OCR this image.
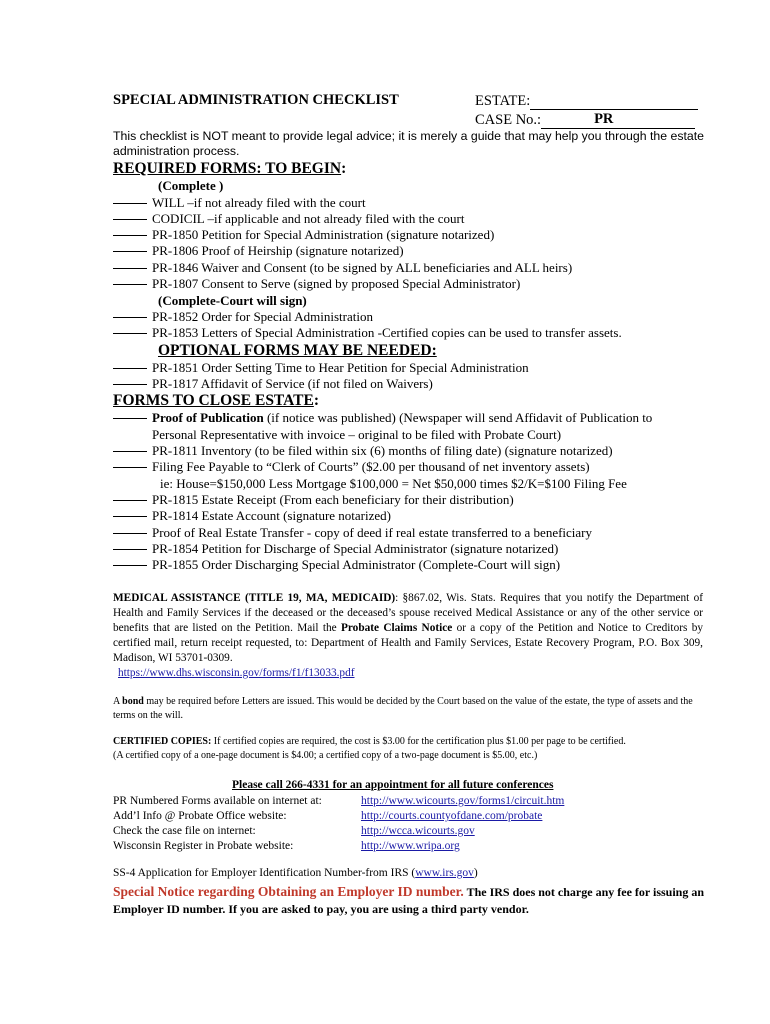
SPECIAL ADMINISTRATION CHECKLIST	ESTATE:
CASE No.:	PR
This checklist is NOT meant to provide legal advice; it is merely a guide that may help you through the estate administration process.
REQUIRED FORMS: TO BEGIN:
(Complete )
WILL –if not already filed with the court
CODICIL –if applicable and not already filed with the court
PR-1850 Petition for Special Administration (signature notarized)
PR-1806 Proof of Heirship (signature notarized)
PR-1846 Waiver and Consent (to be signed by ALL beneficiaries and ALL heirs)
PR-1807 Consent to Serve (signed by proposed Special Administrator)
(Complete-Court will sign)
PR-1852 Order for Special Administration
PR-1853 Letters of Special Administration -Certified copies can be used to transfer assets.
OPTIONAL FORMS MAY BE NEEDED:
PR-1851 Order Setting Time to Hear Petition for Special Administration
PR-1817 Affidavit of Service (if not filed on Waivers)
FORMS TO CLOSE ESTATE:
Proof of Publication (if notice was published) (Newspaper will send Affidavit of Publication to
Personal Representative with invoice – original to be filed with Probate Court)
PR-1811 Inventory (to be filed within six (6) months of filing date) (signature notarized)
Filing Fee Payable to “Clerk of Courts” ($2.00 per thousand of net inventory assets)
ie: House=$150,000 Less Mortgage $100,000 = Net $50,000 times $2/K=$100 Filing Fee
PR-1815 Estate Receipt (From each beneficiary for their distribution)
PR-1814 Estate Account (signature notarized)
Proof of Real Estate Transfer - copy of deed if real estate transferred to a beneficiary
PR-1854 Petition for Discharge of Special Administrator (signature notarized)
PR-1855 Order Discharging Special Administrator (Complete-Court will sign)
MEDICAL ASSISTANCE (TITLE 19, MA, MEDICAID): §867.02, Wis. Stats. Requires that you notify the Department of Health and Family Services if the deceased or the deceased’s spouse received Medical Assistance or any of the other service or benefits that are listed on the Petition. Mail the Probate Claims Notice or a copy of the Petition and Notice to Creditors by certified mail, return receipt requested, to: Department of Health and Family Services, Estate Recovery Program, P.O. Box 309, Madison, WI 53701-0309.
https://www.dhs.wisconsin.gov/forms/f1/f13033.pdf
A bond may be required before Letters are issued. This would be decided by the Court based on the value of the estate, the type of assets and the terms on the will.
CERTIFIED COPIES: If certified copies are required, the cost is $3.00 for the certification plus $1.00 per page to be certified.
(A certified copy of a one-page document is $4.00; a certified copy of a two-page document is $5.00, etc.)
Please call 266-4331 for an appointment for all future conferences
PR Numbered Forms available on internet at:	http://www.wicourts.gov/forms1/circuit.htm
Add’l Info @ Probate Office website:	http://courts.countyofdane.com/probate
Check the case file on internet:	http://wcca.wicourts.gov
Wisconsin Register in Probate website:	http://www.wripa.org
SS-4 Application for Employer Identification Number-from IRS (www.irs.gov)
Special Notice regarding Obtaining an Employer ID number. The IRS does not charge any fee for issuing an Employer ID number. If you are asked to pay, you are using a third party vendor.
